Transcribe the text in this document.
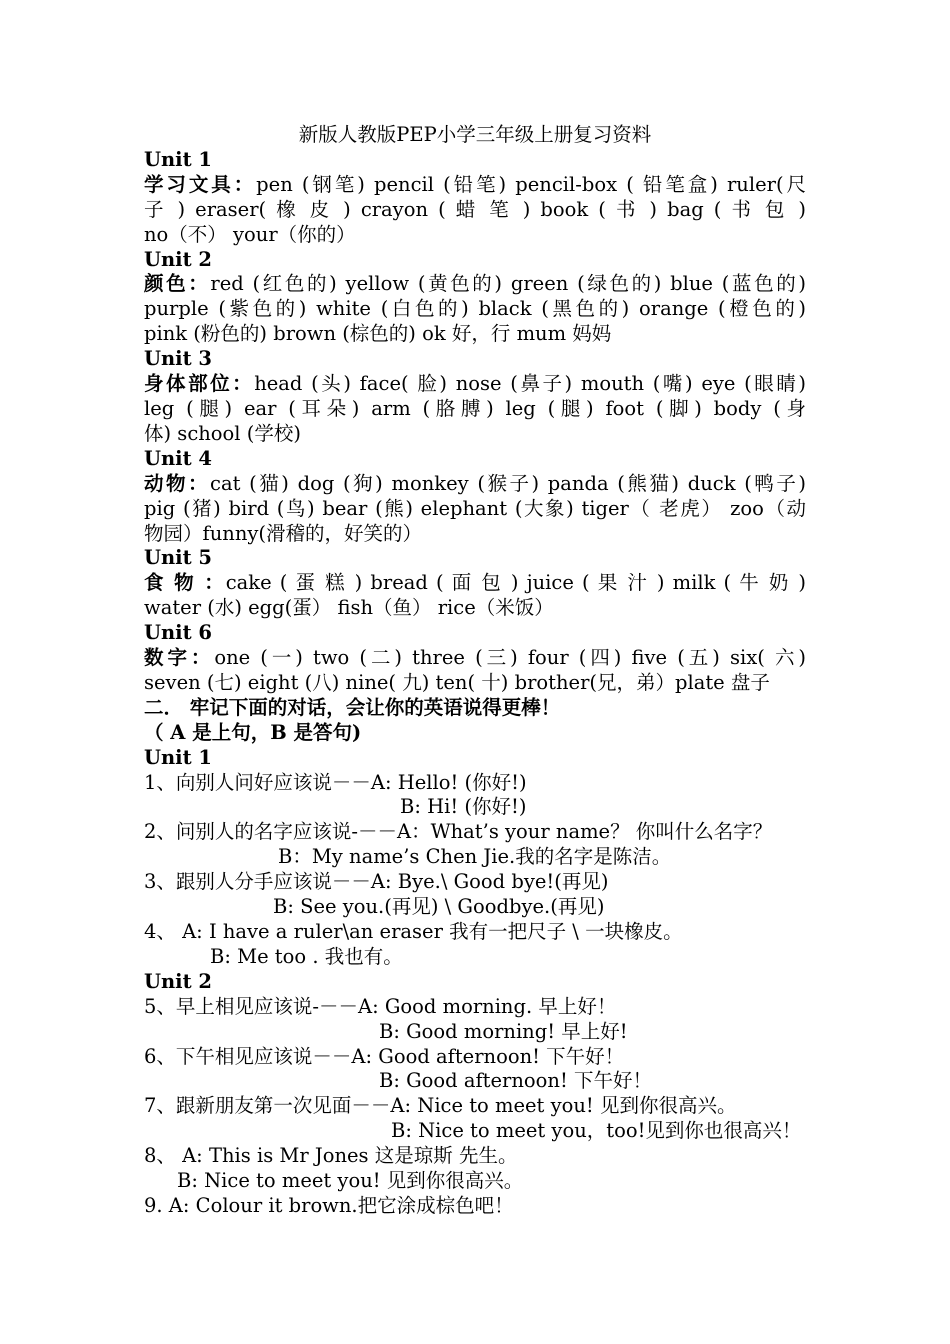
新版人教版PEP小学三年级上册复习资料
Unit 1
学习文具：pen (钢笔) pencil (铅笔) pencil-box ( 铅笔盒) ruler(尺
子 ) eraser( 橡 皮 ) crayon ( 蜡 笔 ) book ( 书 ) bag ( 书 包 )
no（不） your（你的）
Unit 2
颜色：red (红色的) yellow (黄色的) green (绿色的) blue (蓝色的)
purple (紫色的) white (白色的) black (黑色的) orange (橙色的)
pink (粉色的) brown (棕色的) ok 好，行 mum 妈妈
Unit 3
身体部位：head (头) face( 脸) nose (鼻子) mouth (嘴) eye (眼睛)
leg (腿) ear (耳朵) arm (胳膊) leg (腿) foot (脚) body (身
体) school (学校)
Unit 4
动物：cat (猫) dog (狗) monkey (猴子) panda (熊猫) duck (鸭子)
pig (猪) bird (鸟) bear (熊) elephant (大象) tiger（ 老虎） zoo（动
物园）funny(滑稽的，好笑的）
Unit 5
食 物 ：cake ( 蛋 糕 ) bread ( 面 包 ) juice ( 果 汁 ) milk ( 牛 奶 )
water (水) egg(蛋） fish（鱼） rice（米饭）
Unit 6
数字：one (一) two (二) three (三) four (四) five (五) six( 六)
seven (七) eight (八) nine( 九) ten( 十) brother(兄，弟）plate 盘子
二． 牢记下面的对话，会让你的英语说得更棒！
（ A 是上句，B 是答句)
Unit 1
1、向别人问好应该说－－A: Hello! (你好!)
B: Hi! (你好!)
2、问别人的名字应该说-－－A：What’s your name？ 你叫什么名字？
B：My name’s Chen Jie.我的名字是陈洁。
3、跟别人分手应该说－－A: Bye.\ Good bye!(再见)
B: See you.(再见) \ Goodbye.(再见)
4、 A: I have a ruler\an eraser 我有一把尺子 \ 一块橡皮。
B: Me too . 我也有。
Unit 2
5、早上相见应该说-－－A: Good morning. 早上好！
B: Good morning! 早上好!
6、下午相见应该说－－A: Good afternoon! 下午好！
B: Good afternoon! 下午好！
7、跟新朋友第一次见面－－A: Nice to meet you! 见到你很高兴。
B: Nice to meet you，too!见到你也很高兴！
8、 A: This is Mr Jones 这是琼斯 先生。
B: Nice to meet you! 见到你很高兴。
9. A: Colour it brown.把它涂成棕色吧！
